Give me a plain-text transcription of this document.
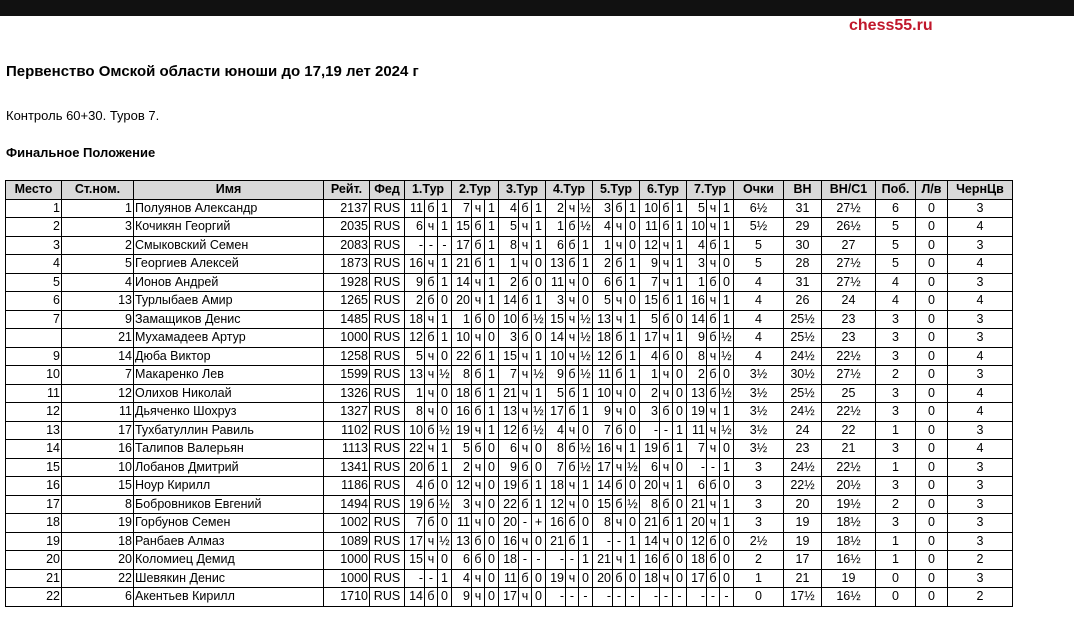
chess55.ru
Первенство Омской области юноши до 17,19 лет 2024 г
Контроль 60+30. Туров 7.
Финальное Положение
Место	Ст.ном.	Имя	Рейт.	Фед	1.Тур			2.Тур			3.Тур			4.Тур			5.Тур			6.Тур			7.Тур			Очки	ВН	ВН/С1	Поб.	Л/в	ЧернЦв
1	1	Полуянов Александр	2137	RUS	11	б	1	7	ч	1	4	б	1	2	ч	½	3	б	1	10	б	1	5	ч	1	6½	31	27½	6	0	3
2	3	Кочикян Георгий	2035	RUS	6	ч	1	15	б	1	5	ч	1	1	б	½	4	ч	0	11	б	1	10	ч	1	5½	29	26½	5	0	4
3	2	Смыковский Семен	2083	RUS	-	-	-	17	б	1	8	ч	1	6	б	1	1	ч	0	12	ч	1	4	б	1	5	30	27	5	0	3
4	5	Георгиев Алексей	1873	RUS	16	ч	1	21	б	1	1	ч	0	13	б	1	2	б	1	9	ч	1	3	ч	0	5	28	27½	5	0	4
5	4	Ионов Андрей	1928	RUS	9	б	1	14	ч	1	2	б	0	11	ч	0	6	б	1	7	ч	1	1	б	0	4	31	27½	4	0	3
6	13	Турлыбаев Амир	1265	RUS	2	б	0	20	ч	1	14	б	1	3	ч	0	5	ч	0	15	б	1	16	ч	1	4	26	24	4	0	4
7	9	Замащиков Денис	1485	RUS	18	ч	1	1	б	0	10	б	½	15	ч	½	13	ч	1	5	б	0	14	б	1	4	25½	23	3	0	3
	21	Мухамадеев Артур	1000	RUS	12	б	1	10	ч	0	3	б	0	14	ч	½	18	б	1	17	ч	1	9	б	½	4	25½	23	3	0	3
9	14	Дюба Виктор	1258	RUS	5	ч	0	22	б	1	15	ч	1	10	ч	½	12	б	1	4	б	0	8	ч	½	4	24½	22½	3	0	4
10	7	Макаренко Лев	1599	RUS	13	ч	½	8	б	1	7	ч	½	9	б	½	11	б	1	1	ч	0	2	б	0	3½	30½	27½	2	0	3
11	12	Олихов Николай	1326	RUS	1	ч	0	18	б	1	21	ч	1	5	б	1	10	ч	0	2	ч	0	13	б	½	3½	25½	25	3	0	4
12	11	Дьяченко Шохруз	1327	RUS	8	ч	0	16	б	1	13	ч	½	17	б	1	9	ч	0	3	б	0	19	ч	1	3½	24½	22½	3	0	4
13	17	Тухбатуллин Равиль	1102	RUS	10	б	½	19	ч	1	12	б	½	4	ч	0	7	б	0	-	-	1	11	ч	½	3½	24	22	1	0	3
14	16	Талипов Валерьян	1113	RUS	22	ч	1	5	б	0	6	ч	0	8	б	½	16	ч	1	19	б	1	7	ч	0	3½	23	21	3	0	4
15	10	Лобанов Дмитрий	1341	RUS	20	б	1	2	ч	0	9	б	0	7	б	½	17	ч	½	6	ч	0	-	-	1	3	24½	22½	1	0	3
16	15	Ноур Кирилл	1186	RUS	4	б	0	12	ч	0	19	б	1	18	ч	1	14	б	0	20	ч	1	6	б	0	3	22½	20½	3	0	3
17	8	Бобровников Евгений	1494	RUS	19	б	½	3	ч	0	22	б	1	12	ч	0	15	б	½	8	б	0	21	ч	1	3	20	19½	2	0	3
18	19	Горбунов Семен	1002	RUS	7	б	0	11	ч	0	20	-	+	16	б	0	8	ч	0	21	б	1	20	ч	1	3	19	18½	3	0	3
19	18	Ранбаев Алмаз	1089	RUS	17	ч	½	13	б	0	16	ч	0	21	б	1	-	-	1	14	ч	0	12	б	0	2½	19	18½	1	0	3
20	20	Коломиец Демид	1000	RUS	15	ч	0	6	б	0	18	-	-	-	-	1	21	ч	1	16	б	0	18	б	0	2	17	16½	1	0	2
21	22	Шевякин Денис	1000	RUS	-	-	1	4	ч	0	11	б	0	19	ч	0	20	б	0	18	ч	0	17	б	0	1	21	19	0	0	3
22	6	Акентьев Кирилл	1710	RUS	14	б	0	9	ч	0	17	ч	0	-	-	-	-	-	-	-	-	-	-	-	-	0	17½	16½	0	0	2
